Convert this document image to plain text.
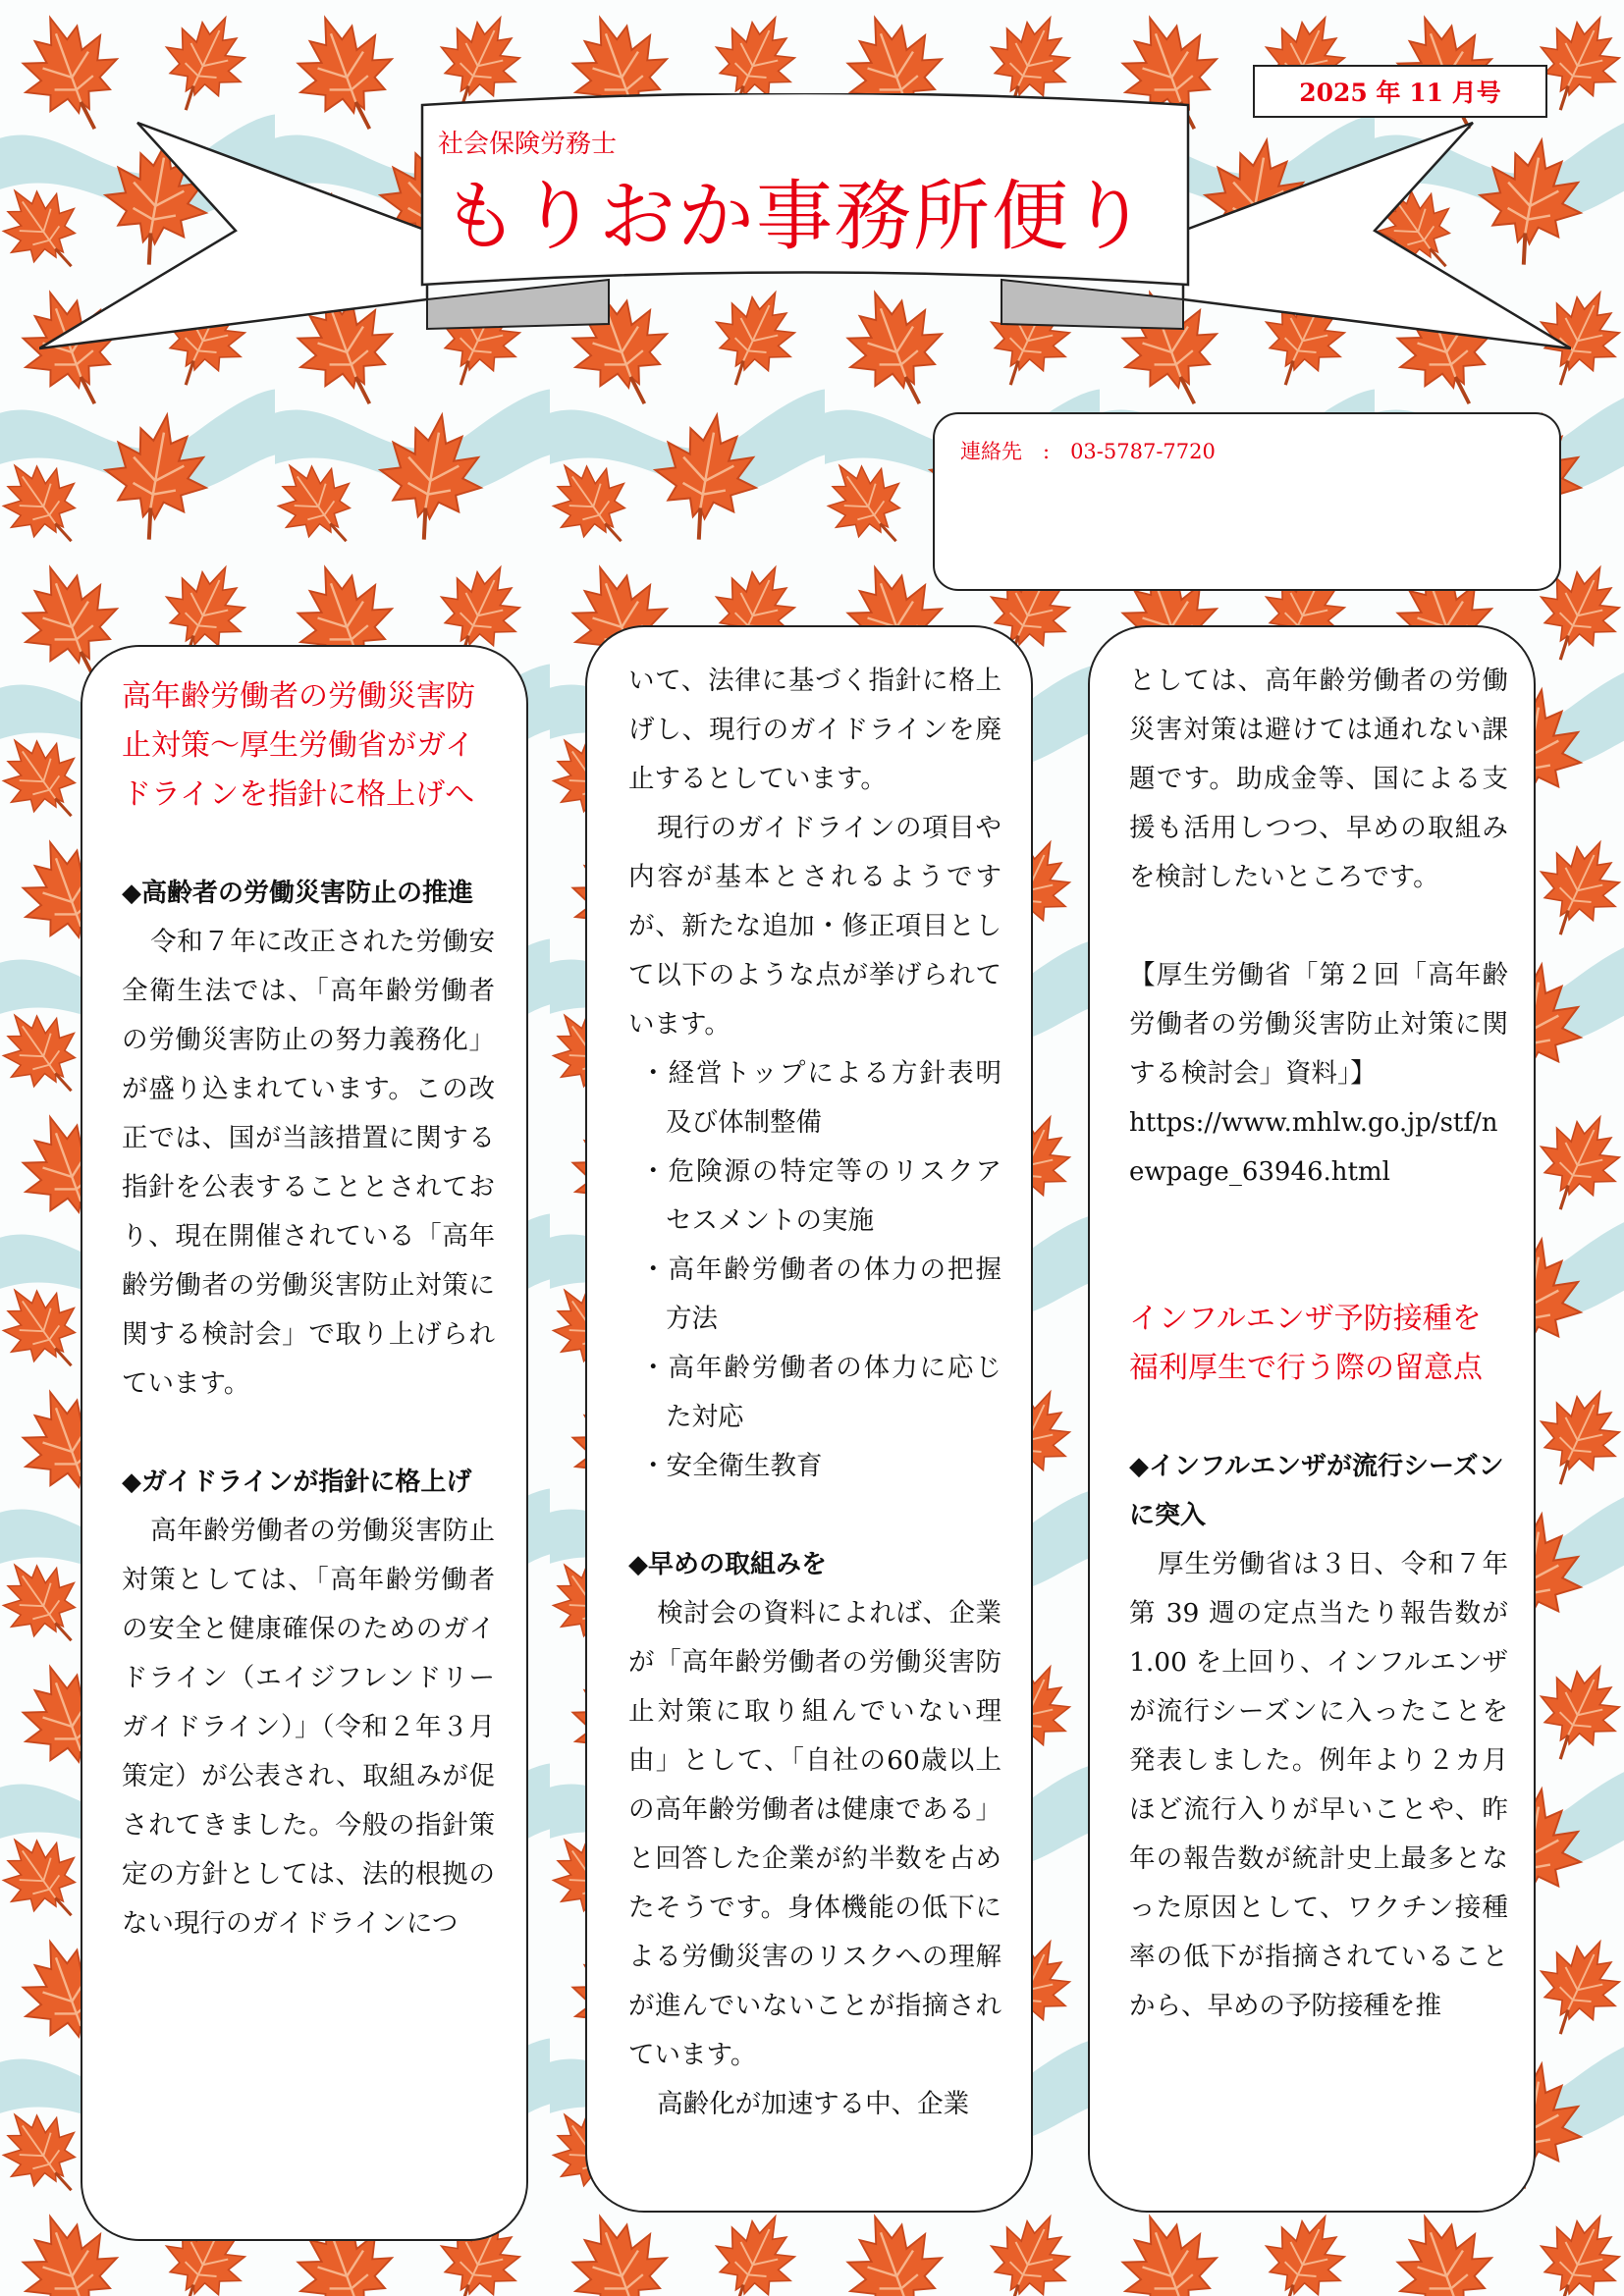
2025 年 11 月号
社会保険労務士
もりおか事務所便り
連絡先　:　03-5787-7720

高年齢労働者の労働災害防止対策～厚生労働省がガイドラインを指針に格上げへ

◆高齢者の労働災害防止の推進

令和７年に改正された労働安全衛生法では、「高年齢労働者の労働災害防止の努力義務化」が盛り込まれています。この改正では、国が当該措置に関する指針を公表することとされており、現在開催されている「高年齢労働者の労働災害防止対策に関する検討会」で取り上げられています。

◆ガイドラインが指針に格上げ

高年齢労働者の労働災害防止対策としては、「高年齢労働者の安全と健康確保のためのガイドライン（エイジフレンドリーガイドライン）」（令和２年３月策定）が公表され、取組みが促されてきました。今般の指針策定の方針としては、法的根拠のない現行のガイドラインにつ

いて、法律に基づく指針に格上げし、現行のガイドラインを廃止するとしています。

現行のガイドラインの項目や内容が基本とされるようですが、新たな追加・修正項目として以下のような点が挙げられています。

・経営トップによる方針表明及び体制整備

・危険源の特定等のリスクアセスメントの実施

・高年齢労働者の体力の把握方法

・高年齢労働者の体力に応じた対応

・安全衛生教育

◆早めの取組みを

検討会の資料によれば、企業が「高年齢労働者の労働災害防止対策に取り組んでいない理由」として、「自社の60歳以上の高年齢労働者は健康である」と回答した企業が約半数を占めたそうです。身体機能の低下による労働災害のリスクへの理解が進んでいないことが指摘されています。

高齢化が加速する中、企業

としては、高年齢労働者の労働災害対策は避けては通れない課題です。助成金等、国による支援も活用しつつ、早めの取組みを検討したいところです。

【厚生労働省「第２回「高年齢労働者の労働災害防止対策に関する検討会」資料」】

https://www.mhlw.go.jp/stf/newpage_63946.html

インフルエンザ予防接種を福利厚生で行う際の留意点

◆インフルエンザが流行シーズンに突入

厚生労働省は３日、令和７年第 39 週の定点当たり報告数が 1.00 を上回り、インフルエンザが流行シーズンに入ったことを発表しました。例年より２カ月ほど流行入りが早いことや、昨年の報告数が統計史上最多となった原因として、ワクチン接種率の低下が指摘されていることから、早めの予防接種を推
